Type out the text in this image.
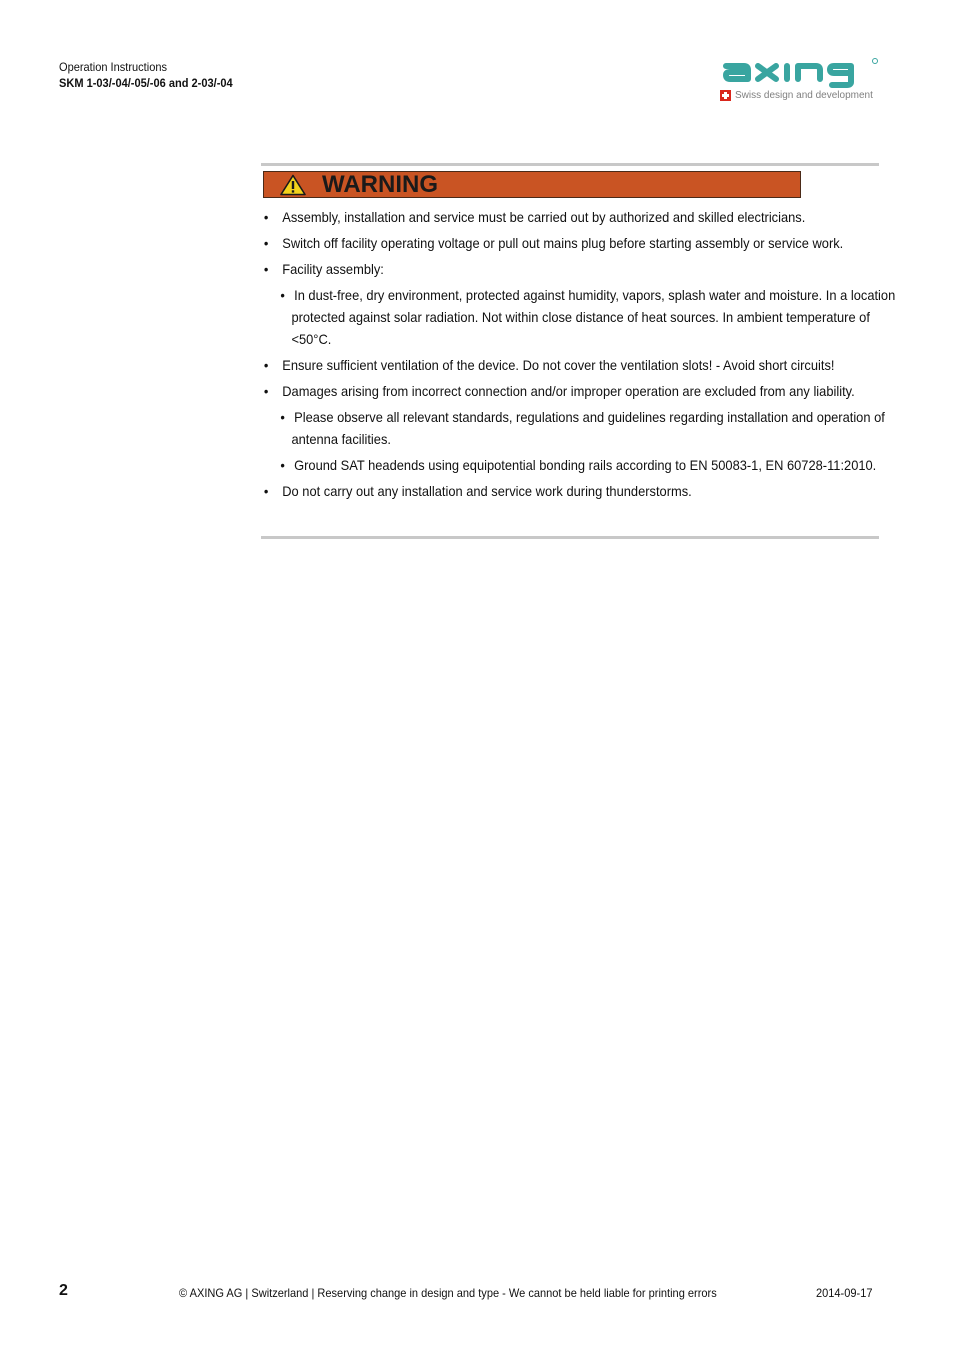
Operation Instructions
SKM 1-03/-04/-05/-06 and 2-03/-04
Swiss design and development
WARNING
• Assembly, installation and service must be carried out by authorized and skilled electricians.
• Switch off facility operating voltage or pull out mains plug before starting assembly or service work.
• Facility assembly:
• In dust-free, dry environment, protected against humidity, vapors, splash water and moisture. In a location protected against solar radiation. Not within close distance of heat sources. In ambient temperature of <50°C.
• Ensure sufficient ventilation of the device. Do not cover the ventilation slots! - Avoid short circuits!
• Damages arising from incorrect connection and/or improper operation are excluded from any liability.
• Please observe all relevant standards, regulations and guidelines regarding installation and operation of antenna facilities.
• Ground SAT headends using equipotential bonding rails according to EN 50083-1, EN 60728-11:2010.
• Do not carry out any installation and service work during thunderstorms.
2	© AXING AG | Switzerland | Reserving change in design and type - We cannot be held liable for printing errors	2014-09-17
